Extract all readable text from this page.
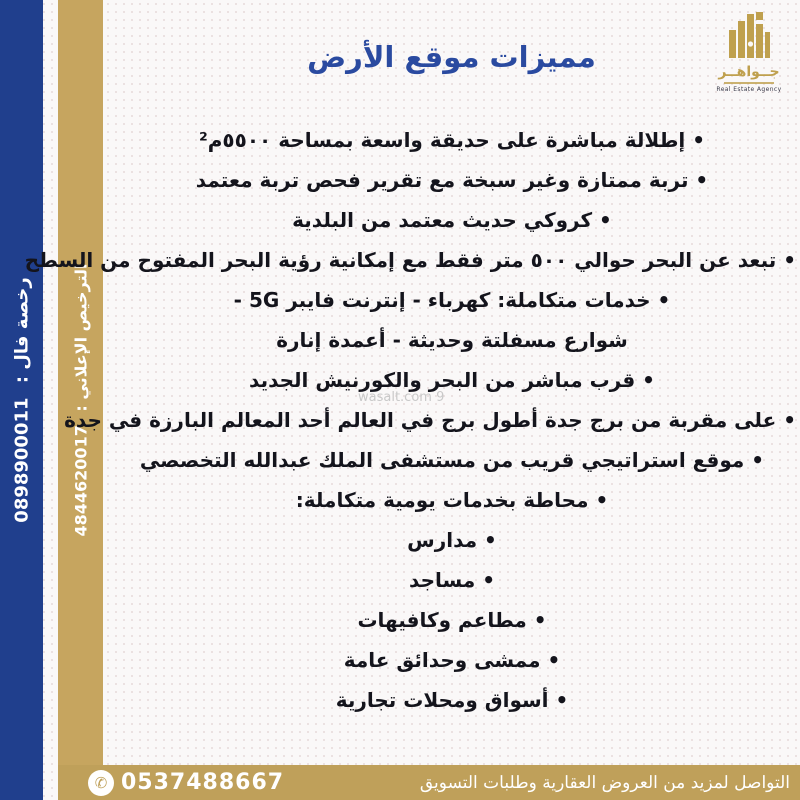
رخصة فال : 1100098980
الترخيص الإعلاني : 7100264484
جــواهــر
Real Estate Agency
مميزات موقع الأرض
• إطلالة مباشرة على حديقة واسعة بمساحة ٥٥٠٠م²
• تربة ممتازة وغير سبخة مع تقرير فحص تربة معتمد
• كروكي حديث معتمد من البلدية
• تبعد عن البحر حوالي ٥٠٠ متر فقط مع إمكانية رؤية البحر المفتوح من السطح
• خدمات متكاملة: كهرباء - إنترنت فايبر 5G -
شوارع مسفلتة وحديثة - أعمدة إنارة
• قرب مباشر من البحر والكورنيش الجديد
• على مقربة من برج جدة أطول برج في العالم أحد المعالم البارزة في جدة
• موقع استراتيجي قريب من مستشفى الملك عبدالله التخصصي
• محاطة بخدمات يومية متكاملة:
• مدارس
• مساجد
• مطاعم وكافيهات
• ممشى وحدائق عامة
• أسواق ومحلات تجارية
wasalt.com 9
التواصل لمزيد من العروض العقارية وطلبات التسويق
0537488667
✆
